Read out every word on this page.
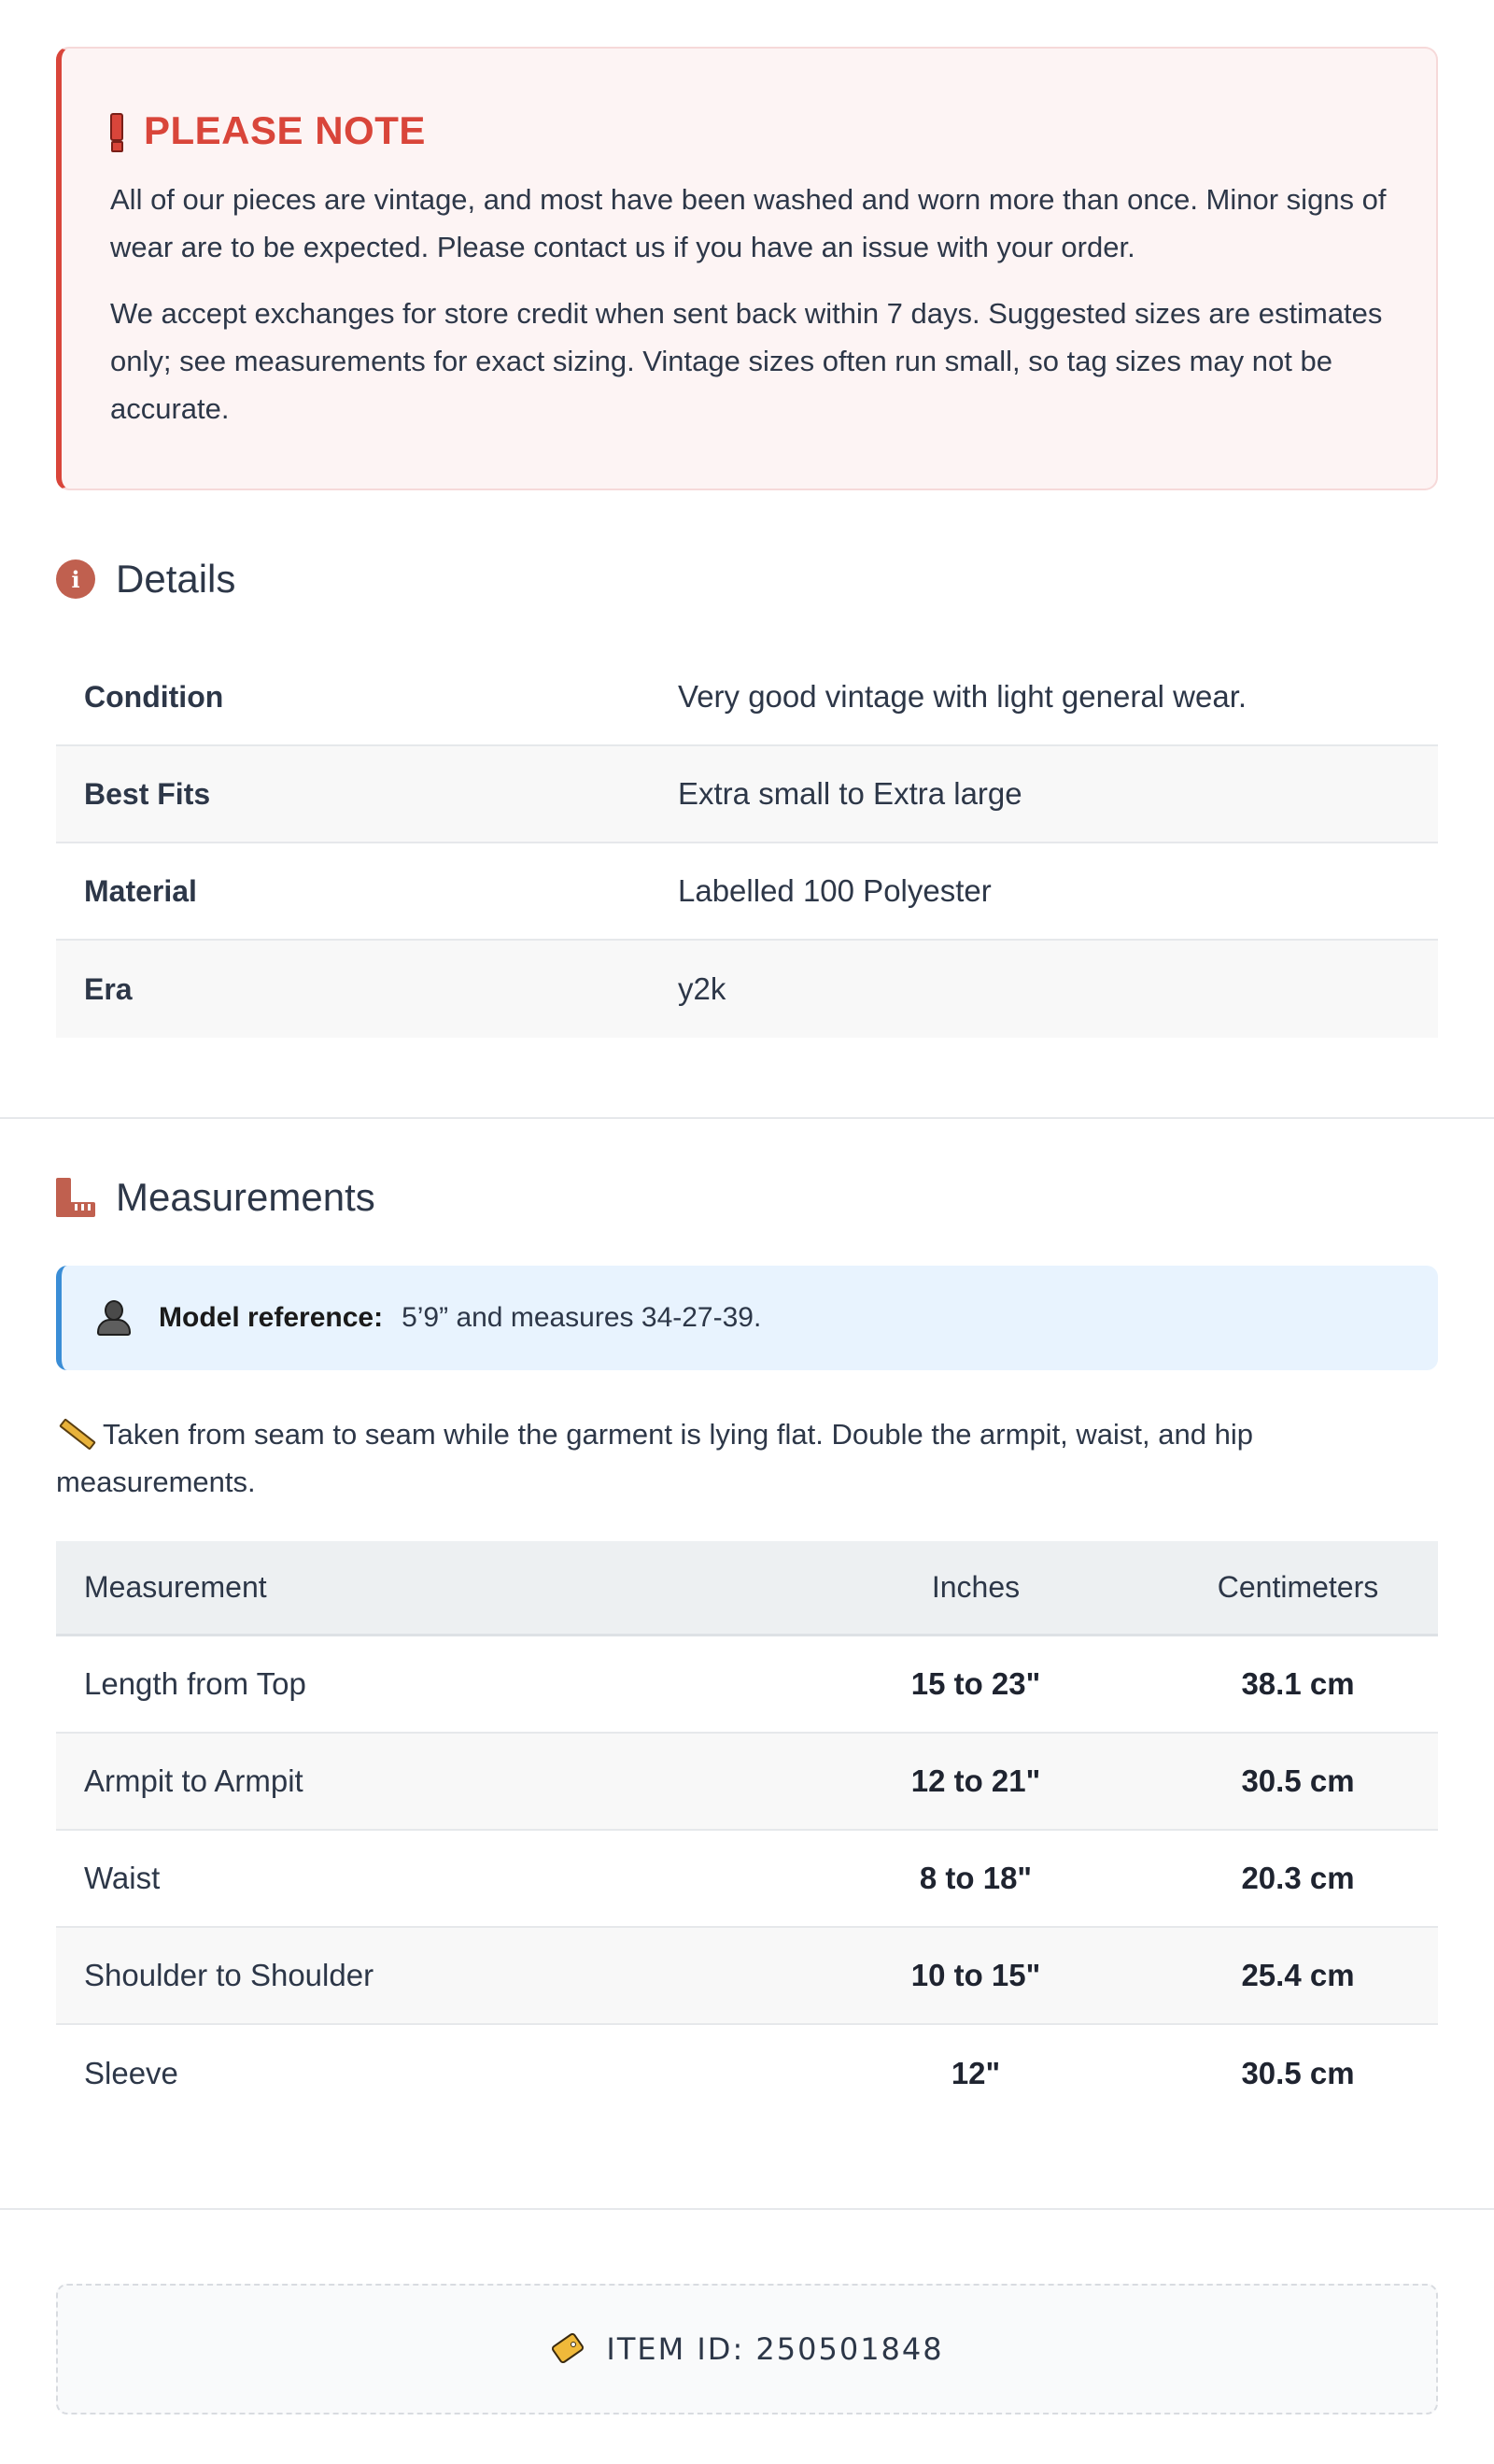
PLEASE NOTE

All of our pieces are vintage, and most have been washed and worn more than once. Minor signs of wear are to be expected. Please contact us if you have an issue with your order.

We accept exchanges for store credit when sent back within 7 days. Suggested sizes are estimates only; see measurements for exact sizing. Vintage sizes often run small, so tag sizes may not be accurate.

i Details
Condition	Very good vintage with light general wear.
Best Fits	Extra small to Extra large
Material	Labelled 100 Polyester
Era	y2k
Measurements
Model reference: 5’9” and measures 34-27-39.
Taken from seam to seam while the garment is lying flat. Double the armpit, waist, and hip measurements.
Measurement	Inches	Centimeters
Length from Top	15 to 23"	38.1 cm
Armpit to Armpit	12 to 21"	30.5 cm
Waist	8 to 18"	20.3 cm
Shoulder to Shoulder	10 to 15"	25.4 cm
Sleeve	12"	30.5 cm
ITEM ID: 250501848
